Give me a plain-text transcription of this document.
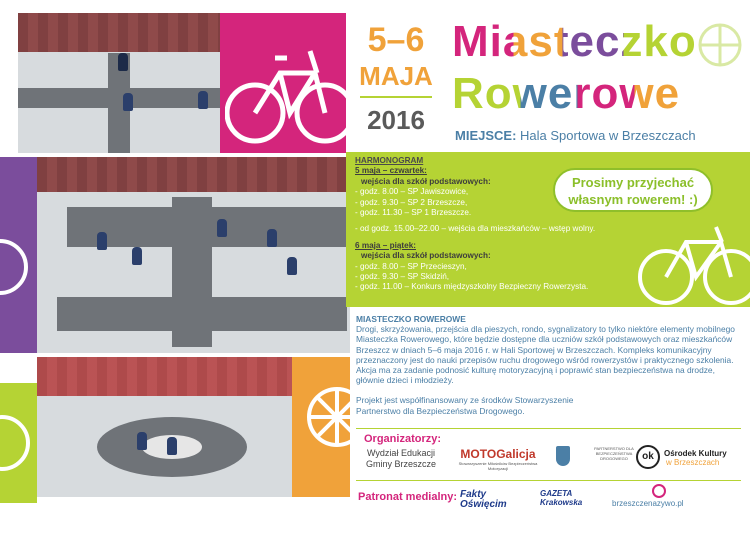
5–6
MAJA
2016
Miasteczko
Rowerowe
MIEJSCE: Hala Sportowa w Brzeszczach
HARMONOGRAM
5 maja – czwartek:
wejścia dla szkół podstawowych:
- godz. 8.00 – SP Jawiszowice,
- godz. 9.30 – SP 2 Brzeszcze,
- godz. 11.30 – SP 1 Brzeszcze.
- od godz. 15.00–22.00 – wejścia dla mieszkańców – wstęp wolny.
6 maja – piątek:
wejścia dla szkół podstawowych:
- godz. 8.00 – SP Przecieszyn,
- godz. 9.30 – SP Skidziń,
- godz. 11.00 – Konkurs międzyszkolny Bezpieczny Rowerzysta.
Prosimy przyjechać własnym rowerem! :)
MIASTECZKO ROWEROWE
Drogi, skrzyżowania, przejścia dla pieszych, rondo, sygnalizatory to tylko niektóre elementy mobilnego Miasteczka Rowerowego, które będzie dostępne dla uczniów szkół podstawowych oraz mieszkańców Brzeszcz w dniach 5–6 maja 2016 r. w Hali Sportowej w Brzeszczach. Kompleks komunikacyjny przeznaczony jest do nauki przepisów ruchu drogowego wśród rowerzystów i praktycznego szkolenia. Akcja ma za zadanie podnosić kulturę motoryzacyjną i poprawić stan bezpieczeństwa na drodze, głównie dzieci i młodzieży.
Projekt jest współfinansowany ze środków Stowarzyszenie Partnerstwo dla Bezpieczeństwa Drogowego.
Organizatorzy:
Wydział Edukacji Gminy Brzeszcze
MOTOGalicja
Stowarzyszenie Miłośników Bezpieczeństwa Motoryzacji
PARTNERSTWO DLA BEZPIECZEŃSTWA DROGOWEGO	ok	Ośrodek Kultury
w Brzeszczach
Patronat medialny: Fakty Oświęcim
GAZETA Krakowska	brzeszczenazywo.pl
